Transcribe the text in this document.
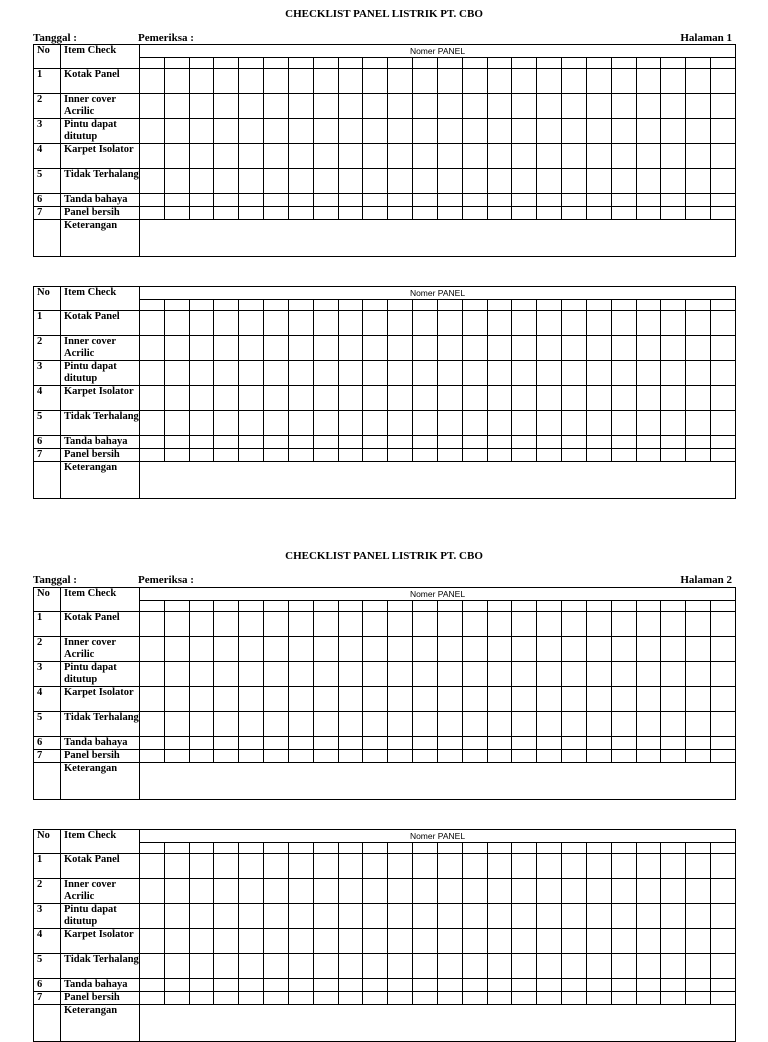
CHECKLIST PANEL LISTRIK PT. CBO
Tanggal :	Pemeriksa :	Halaman 1
CHECKLIST PANEL LISTRIK PT. CBO
Tanggal :	Pemeriksa :	Halaman 2
No	Item Check	Nomer PANEL																							

1	Kotak Panel																								
2	Inner cover Acrilic																								
3	Pintu dapat ditutup																								
4	Karpet Isolator																								
5	Tidak Terhalang																								
6	Tanda bahaya																								
7	Panel bersih																								
	Keterangan																								
No	Item Check	Nomer PANEL																							

1	Kotak Panel																								
2	Inner cover Acrilic																								
3	Pintu dapat ditutup																								
4	Karpet Isolator																								
5	Tidak Terhalang																								
6	Tanda bahaya																								
7	Panel bersih																								
	Keterangan																								
No	Item Check	Nomer PANEL																							

1	Kotak Panel																								
2	Inner cover Acrilic																								
3	Pintu dapat ditutup																								
4	Karpet Isolator																								
5	Tidak Terhalang																								
6	Tanda bahaya																								
7	Panel bersih																								
	Keterangan																								
No	Item Check	Nomer PANEL																							

1	Kotak Panel																								
2	Inner cover Acrilic																								
3	Pintu dapat ditutup																								
4	Karpet Isolator																								
5	Tidak Terhalang																								
6	Tanda bahaya																								
7	Panel bersih																								
	Keterangan																								
